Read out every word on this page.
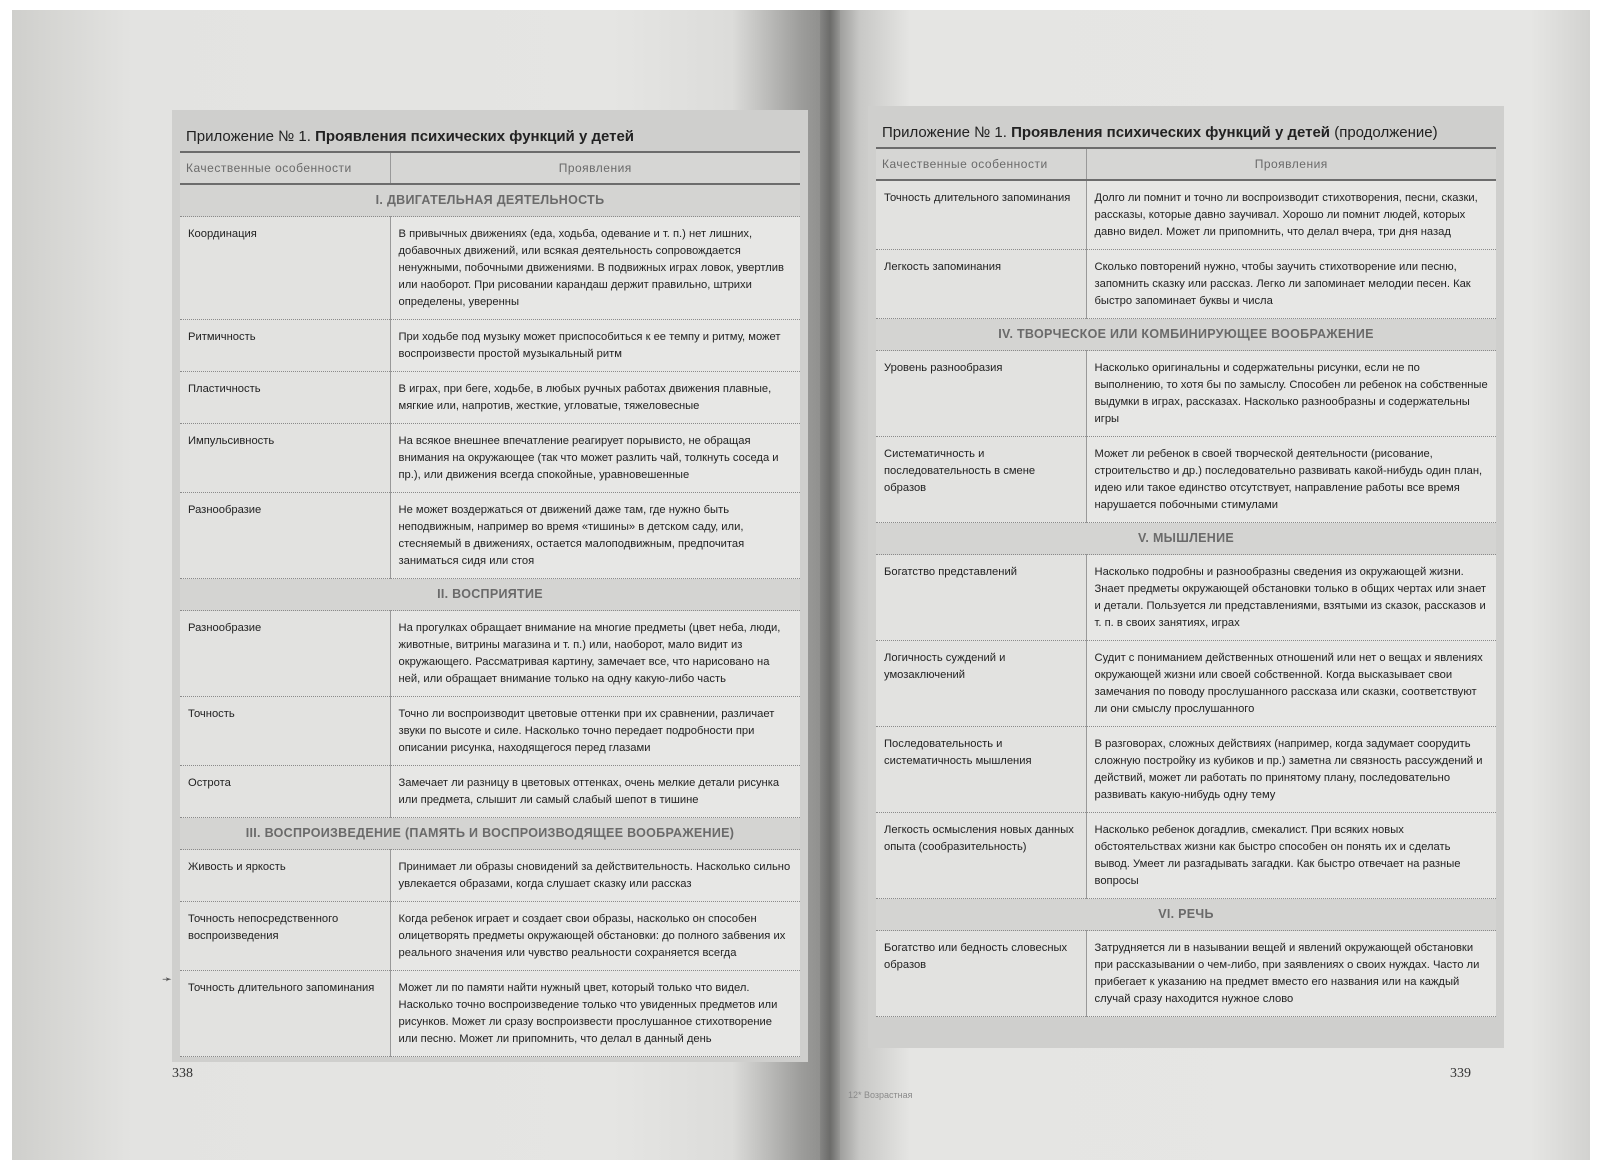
Приложение № 1. Проявления психических функций у детей
Качественные особенности	Проявления
I. ДВИГАТЕЛЬНАЯ ДЕЯТЕЛЬНОСТЬ	
Координация	В привычных движениях (еда, ходьба, одевание и т. п.) нет лишних, добавочных движений, или всякая деятельность сопровождается ненужными, побочными движениями. В подвижных играх ловок, увертлив или наоборот. При рисовании карандаш держит правильно, штрихи определены, уверенны
Ритмичность	При ходьбе под музыку может приспособиться к ее темпу и ритму, может воспроизвести простой музыкальный ритм
Пластичность	В играх, при беге, ходьбе, в любых ручных работах движения плавные, мягкие или, напротив, жесткие, угловатые, тяжеловесные
Импульсивность	На всякое внешнее впечатление реагирует порывисто, не обращая внимания на окружающее (так что может разлить чай, толкнуть соседа и пр.), или движения всегда спокойные, уравновешенные
Разнообразие	Не может воздержаться от движений даже там, где нужно быть неподвижным, например во время «тишины» в детском саду, или, стесняемый в движениях, остается малоподвижным, предпочитая заниматься сидя или стоя
II. ВОСПРИЯТИЕ	
Разнообразие	На прогулках обращает внимание на многие предметы (цвет неба, люди, животные, витрины магазина и т. п.) или, наоборот, мало видит из окружающего. Рассматривая картину, замечает все, что нарисовано на ней, или обращает внимание только на одну какую-либо часть
Точность	Точно ли воспроизводит цветовые оттенки при их сравнении, различает звуки по высоте и силе. Насколько точно передает подробности при описании рисунка, находящегося перед глазами
Острота	Замечает ли разницу в цветовых оттенках, очень мелкие детали рисунка или предмета, слышит ли самый слабый шепот в тишине
III. ВОСПРОИЗВЕДЕНИЕ (ПАМЯТЬ И ВОСПРОИЗВОДЯЩЕЕ ВООБРАЖЕНИЕ)	
Живость и яркость	Принимает ли образы сновидений за действительность. Насколько сильно увлекается образами, когда слушает сказку или рассказ
Точность непосредственного воспроизведения	Когда ребенок играет и создает свои образы, насколько он способен олицетворять предметы окружающей обстановки: до полного забвения их реального значения или чувство реальности сохраняется всегда
Точность длительного запоминания	Может ли по памяти найти нужный цвет, который только что видел. Насколько точно воспроизведение только что увиденных предметов или рисунков. Может ли сразу воспроизвести прослушанное стихотворение или песню. Может ли припомнить, что делал в данный день
➛
338
Приложение № 1. Проявления психических функций у детей (продолжение)
Качественные особенности	Проявления
Точность длительного запоминания	Долго ли помнит и точно ли воспроизводит стихотворения, песни, сказки, рассказы, которые давно заучивал. Хорошо ли помнит людей, которых давно видел. Может ли припомнить, что делал вчера, три дня назад
Легкость запоминания	Сколько повторений нужно, чтобы заучить стихотворение или песню, запомнить сказку или рассказ. Легко ли запоминает мелодии песен. Как быстро запоминает буквы и числа
IV. ТВОРЧЕСКОЕ ИЛИ КОМБИНИРУЮЩЕЕ ВООБРАЖЕНИЕ	
Уровень разнообразия	Насколько оригинальны и содержательны рисунки, если не по выполнению, то хотя бы по замыслу. Способен ли ребенок на собственные выдумки в играх, рассказах. Насколько разнообразны и содержательны игры
Систематичность и последовательность в смене образов	Может ли ребенок в своей творческой деятельности (рисование, строительство и др.) последовательно развивать какой-нибудь один план, идею или такое единство отсутствует, направление работы все время нарушается побочными стимулами
V. МЫШЛЕНИЕ	
Богатство представлений	Насколько подробны и разнообразны сведения из окружающей жизни. Знает предметы окружающей обстановки только в общих чертах или знает и детали. Пользуется ли представлениями, взятыми из сказок, рассказов и т. п. в своих занятиях, играх
Логичность суждений и умозаключений	Судит с пониманием действенных отношений или нет о вещах и явлениях окружающей жизни или своей собственной. Когда высказывает свои замечания по поводу прослушанного рассказа или сказки, соответствуют ли они смыслу прослушанного
Последовательность и систематичность мышления	В разговорах, сложных действиях (например, когда задумает соорудить сложную постройку из кубиков и пр.) заметна ли связность рассуждений и действий, может ли работать по принятому плану, последовательно развивать какую-нибудь одну тему
Легкость осмысления новых данных опыта (сообразительность)	Насколько ребенок догадлив, смекалист. При всяких новых обстоятельствах жизни как быстро способен он понять их и сделать вывод. Умеет ли разгадывать загадки. Как быстро отвечает на разные вопросы
VI. РЕЧЬ	
Богатство или бедность словесных образов	Затрудняется ли в назывании вещей и явлений окружающей обстановки при рассказывании о чем-либо, при заявлениях о своих нуждах. Часто ли прибегает к указанию на предмет вместо его названия или на каждый случай сразу находится нужное слово
12* Возрастная
339
